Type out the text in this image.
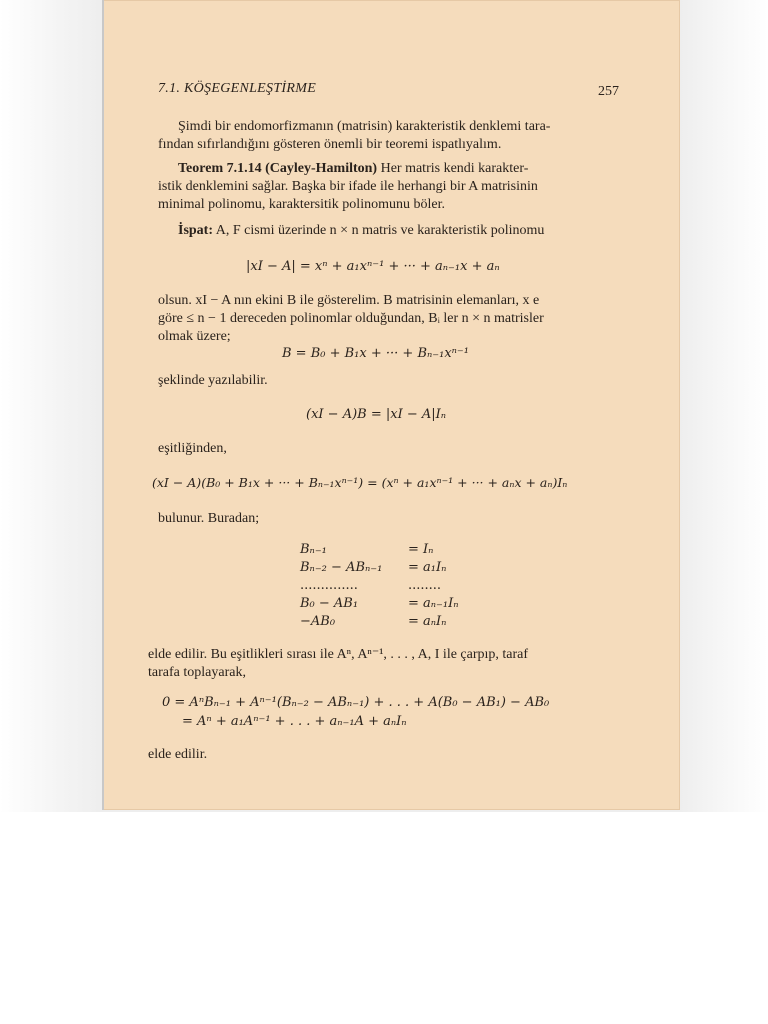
7.1. KÖŞEGENLEŞTİRME	257
Şimdi bir endomorfizmanın (matrisin) karakteristik denklemi tara-
fından sıfırlandığını gösteren önemli bir teoremi ispatlıyalım.
Teorem 7.1.14 (Cayley-Hamilton) Her matris kendi karakter-
istik denklemini sağlar. Başka bir ifade ile herhangi bir A matrisinin
minimal polinomu, karaktersitik polinomunu böler.
İspat: A, F cismi üzerinde n × n matris ve karakteristik polinomu
|xI − A| = xⁿ + a₁xⁿ⁻¹ + ··· + aₙ₋₁x + aₙ
olsun. xI − A nın ekini B ile gösterelim. B matrisinin elemanları, x e
göre ≤ n − 1 dereceden polinomlar olduğundan, Bᵢ ler n × n matrisler
olmak üzere;
B = B₀ + B₁x + ··· + Bₙ₋₁xⁿ⁻¹
şeklinde yazılabilir.
(xI − A)B = |xI − A|Iₙ
eşitliğinden,
(xI − A)(B₀ + B₁x + ··· + Bₙ₋₁xⁿ⁻¹) = (xⁿ + a₁xⁿ⁻¹ + ··· + aₙx + aₙ)Iₙ
bulunur. Buradan;
Bₙ₋₁	= Iₙ
Bₙ₋₂ − ABₙ₋₁ = a₁Iₙ
..............	........
B₀ − AB₁	= aₙ₋₁Iₙ
−AB₀	= aₙIₙ
elde edilir. Bu eşitlikleri sırası ile Aⁿ, Aⁿ⁻¹, . . . , A, I ile çarpıp, taraf
tarafa toplayarak,
0 = AⁿBₙ₋₁ + Aⁿ⁻¹(Bₙ₋₂ − ABₙ₋₁) + . . . + A(B₀ − AB₁) − AB₀
= Aⁿ + a₁Aⁿ⁻¹ + . . . + aₙ₋₁A + aₙIₙ
elde edilir.
